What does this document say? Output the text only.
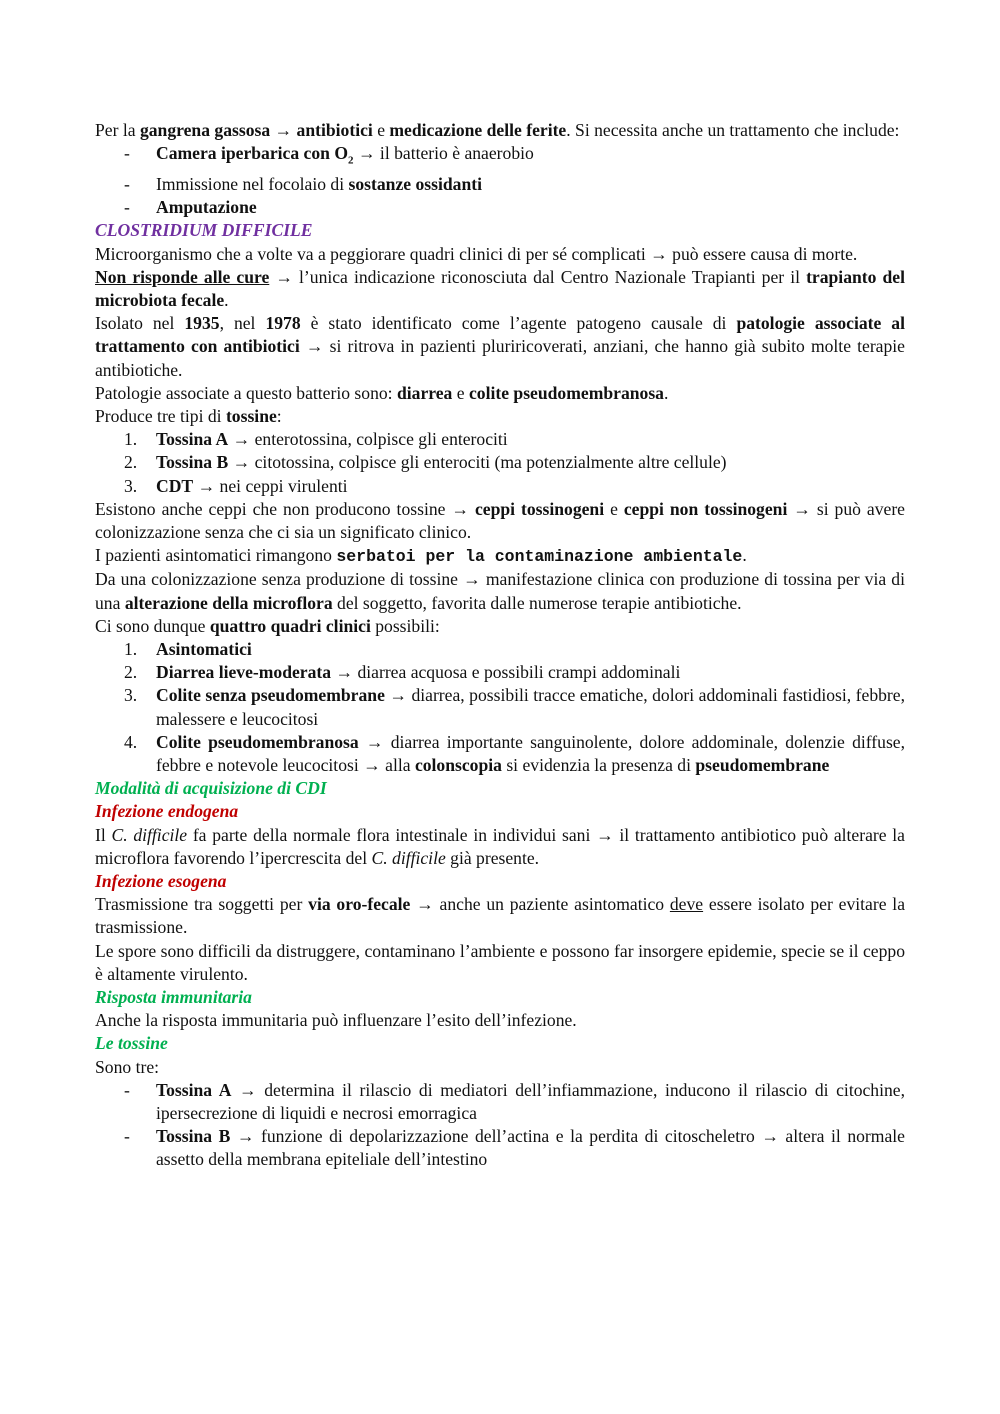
Per la gangrena gassosa → antibiotici e medicazione delle ferite. Si necessita anche un trattamento che include:

-	Camera iperbarica con $O_2$ → il batterio è anaerobio
-	Immissione nel focolaio di sostanze ossidanti
-	Amputazione

CLOSTRIDIUM DIFFICILE

Microorganismo che a volte va a peggiorare quadri clinici di per sé complicati → può essere causa di morte.

Non risponde alle cure → l’unica indicazione riconosciuta dal Centro Nazionale Trapianti per il trapianto del microbiota fecale.

Isolato nel 1935, nel 1978 è stato identificato come l’agente patogeno causale di patologie associate al trattamento con antibiotici → si ritrova in pazienti pluriricoverati, anziani, che hanno già subito molte terapie antibiotiche.

Patologie associate a questo batterio sono: diarrea e colite pseudomembranosa.

Produce tre tipi di tossine:

1.	Tossina A → enterotossina, colpisce gli enterociti
2.	Tossina B → citotossina, colpisce gli enterociti (ma potenzialmente altre cellule)
3.	CDT → nei ceppi virulenti

Esistono anche ceppi che non producono tossine → ceppi tossinogeni e ceppi non tossinogeni → si può avere colonizzazione senza che ci sia un significato clinico.

I pazienti asintomatici rimangono serbatoi per la contaminazione ambientale.

Da una colonizzazione senza produzione di tossine → manifestazione clinica con produzione di tossina per via di una alterazione della microflora del soggetto, favorita dalle numerose terapie antibiotiche.

Ci sono dunque quattro quadri clinici possibili:

1.	Asintomatici
2.	Diarrea lieve-moderata → diarrea acquosa e possibili crampi addominali
3.	Colite senza pseudomembrane → diarrea, possibili tracce ematiche, dolori addominali fastidiosi, febbre, malessere e leucocitosi
4.	Colite pseudomembranosa → diarrea importante sanguinolente, dolore addominale, dolenzie diffuse, febbre e notevole leucocitosi → alla colonscopia si evidenzia la presenza di pseudomembrane

Modalità di acquisizione di CDI

Infezione endogena

Il C. difficile fa parte della normale flora intestinale in individui sani → il trattamento antibiotico può alterare la microflora favorendo l’ipercrescita del C. difficile già presente.

Infezione esogena

Trasmissione tra soggetti per via oro-fecale → anche un paziente asintomatico deve essere isolato per evitare la trasmissione.

Le spore sono difficili da distruggere, contaminano l’ambiente e possono far insorgere epidemie, specie se il ceppo è altamente virulento.

Risposta immunitaria

Anche la risposta immunitaria può influenzare l’esito dell’infezione.

Le tossine

Sono tre:

-	Tossina A → determina il rilascio di mediatori dell’infiammazione, inducono il rilascio di citochine, ipersecrezione di liquidi e necrosi emorragica
-	Tossina B → funzione di depolarizzazione dell’actina e la perdita di citoscheletro → altera il normale assetto della membrana epiteliale dell’intestino
